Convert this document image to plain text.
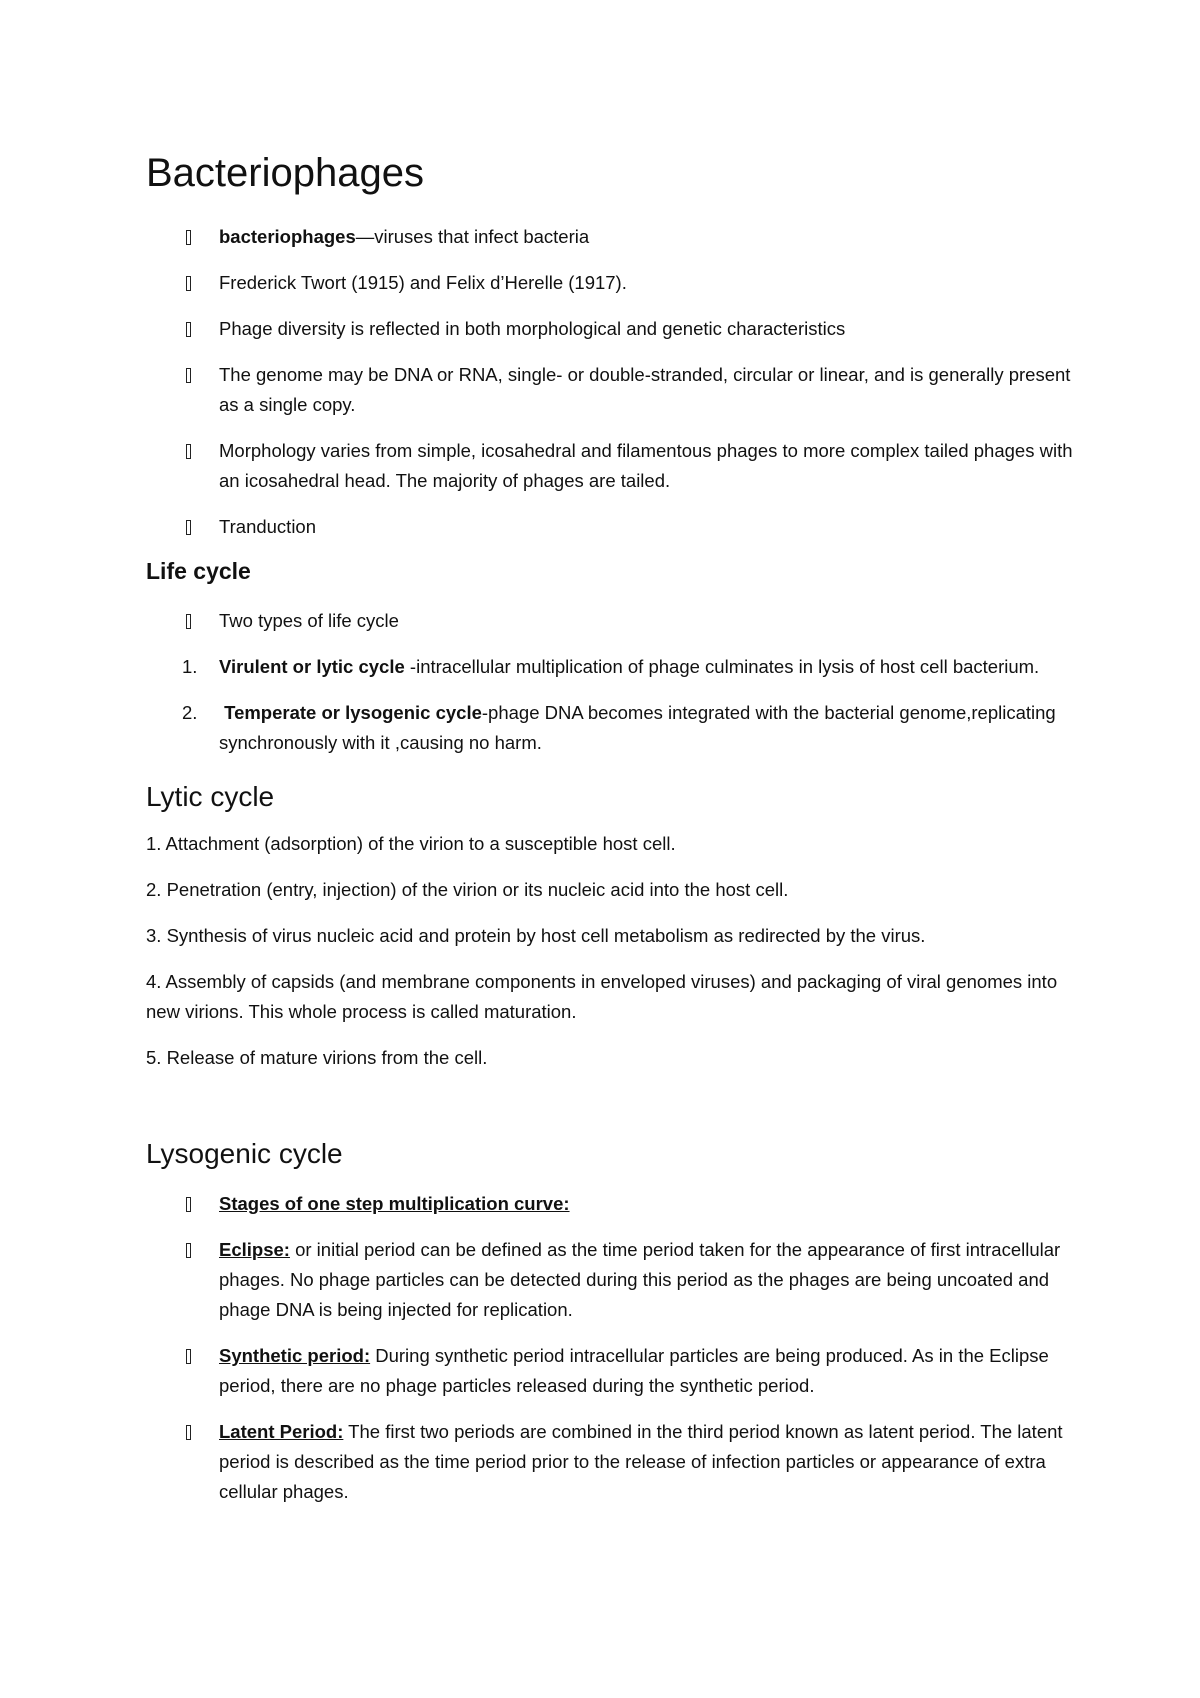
Bacteriophages
bacteriophages—viruses that infect bacteria
Frederick Twort (1915) and Felix d’Herelle (1917).
Phage diversity is reflected in both morphological and genetic characteristics
The genome may be DNA or RNA, single- or double-stranded, circular or linear, and is generally present as a single copy.
Morphology varies from simple, icosahedral and filamentous phages to more complex tailed phages with an icosahedral head. The majority of phages are tailed.
Tranduction
Life cycle
Two types of life cycle
1. Virulent or lytic cycle -intracellular multiplication of phage culminates in lysis of host cell bacterium.
2. Temperate or lysogenic cycle-phage DNA becomes integrated with the bacterial genome,replicating synchronously with it ,causing no harm.
Lytic cycle
1. Attachment (adsorption) of the virion to a susceptible host cell.
2. Penetration (entry, injection) of the virion or its nucleic acid into the host cell.
3. Synthesis of virus nucleic acid and protein by host cell metabolism as redirected by the virus.
4. Assembly of capsids (and membrane components in enveloped viruses) and packaging of viral genomes into new virions. This whole process is called maturation.
5. Release of mature virions from the cell.
Lysogenic cycle
Stages of one step multiplication curve:
Eclipse: or initial period can be defined as the time period taken for the appearance of first intracellular phages. No phage particles can be detected during this period as the phages are being uncoated and phage DNA is being injected for replication.
Synthetic period: During synthetic period intracellular particles are being produced. As in the Eclipse period, there are no phage particles released during the synthetic period.
Latent Period: The first two periods are combined in the third period known as latent period. The latent period is described as the time period prior to the release of infection particles or appearance of extra cellular phages.
